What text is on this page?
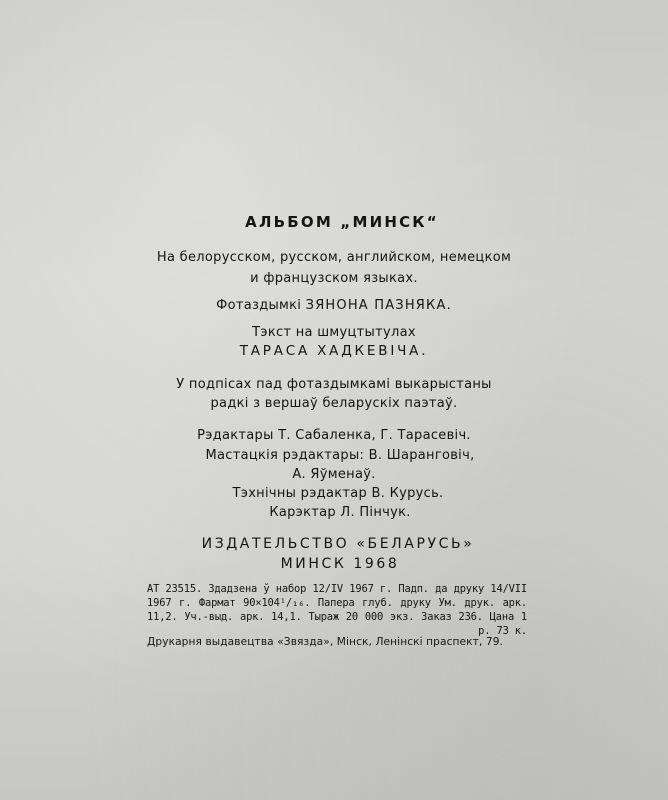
АЛЬБОМ „МИНСК“
На белорусском, русском, английском, немецком
и французском языках.
Фотаздымкі ЗЯНОНА ПАЗНЯКА.
Тэкст на шмуцтытулах
ТАРАСА ХАДКЕВІЧА.
У подпісах пад фотаздымкамі выкарыстаны
радкі з вершаў беларускіх паэтаў.
Рэдактары Т. Сабаленка, Г. Тарасевіч.
Мастацкія рэдактары: В. Шаранговіч,
А. Яўменаў.
Тэхнічны рэдактар В. Курусь.
Карэктар Л. Пінчук.
ИЗДАТЕЛЬСТВО «БЕЛАРУСЬ»
МИНСК 1968
АТ 23515. Здадзена ў набор 12/IV 1967 г. Падп. да друку 14/VII 1967 г. Фармат 90×104¹/₁₆. Папера глуб. друку Ум. друк. арк. 11,2. Уч.-выд. арк. 14,1. Тыраж 20 000 экз. Заказ 236. Цана 1 р. 73 к.
Друкарня выдавецтва «Звязда», Мінск, Ленінскі праспект, 79.
